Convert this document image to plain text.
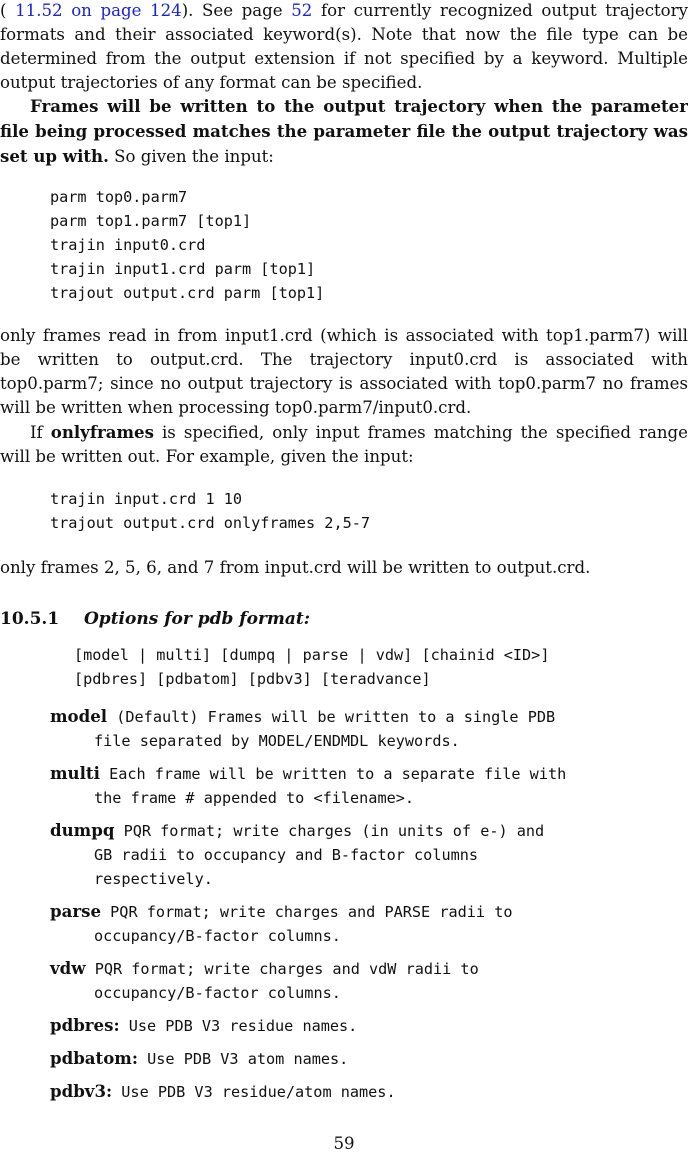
( 11.52 on page 124). See page 52 for currently recognized output trajectory formats and their associated keyword(s). Note that now the file type can be determined from the output extension if not specified by a keyword. Multiple output trajectories of any format can be specified.

Frames will be written to the output trajectory when the parameter file being processed matches the parameter file the output trajectory was set up with. So given the input:

parm top0.parm7
parm top1.parm7 [top1]
trajin input0.crd
trajin input1.crd parm [top1]
trajout output.crd parm [top1]

only frames read in from input1.crd (which is associated with top1.parm7) will be written to output.crd. The trajectory input0.crd is associated with top0.parm7; since no output trajectory is associated with top0.parm7 no frames will be written when processing top0.parm7/input0.crd.

If onlyframes is specified, only input frames matching the specified range will be written out. For example, given the input:

trajin input.crd 1 10
trajout output.crd onlyframes 2,5-7

only frames 2, 5, 6, and 7 from input.crd will be written to output.crd.

10.5.1 Options for pdb format:
[model | multi] [dumpq | parse | vdw] [chainid <ID>]
[pdbres] [pdbatom] [pdbv3] [teradvance]
model (Default) Frames will be written to a single PDB
file separated by MODEL/ENDMDL keywords.
multi Each frame will be written to a separate file with
the frame # appended to <filename>.
dumpq PQR format; write charges (in units of e-) and
GB radii to occupancy and B-factor columns
respectively.
parse PQR format; write charges and PARSE radii to
occupancy/B-factor columns.
vdw PQR format; write charges and vdW radii to
occupancy/B-factor columns.
pdbres: Use PDB V3 residue names.
pdbatom: Use PDB V3 atom names.
pdbv3: Use PDB V3 residue/atom names.
59
